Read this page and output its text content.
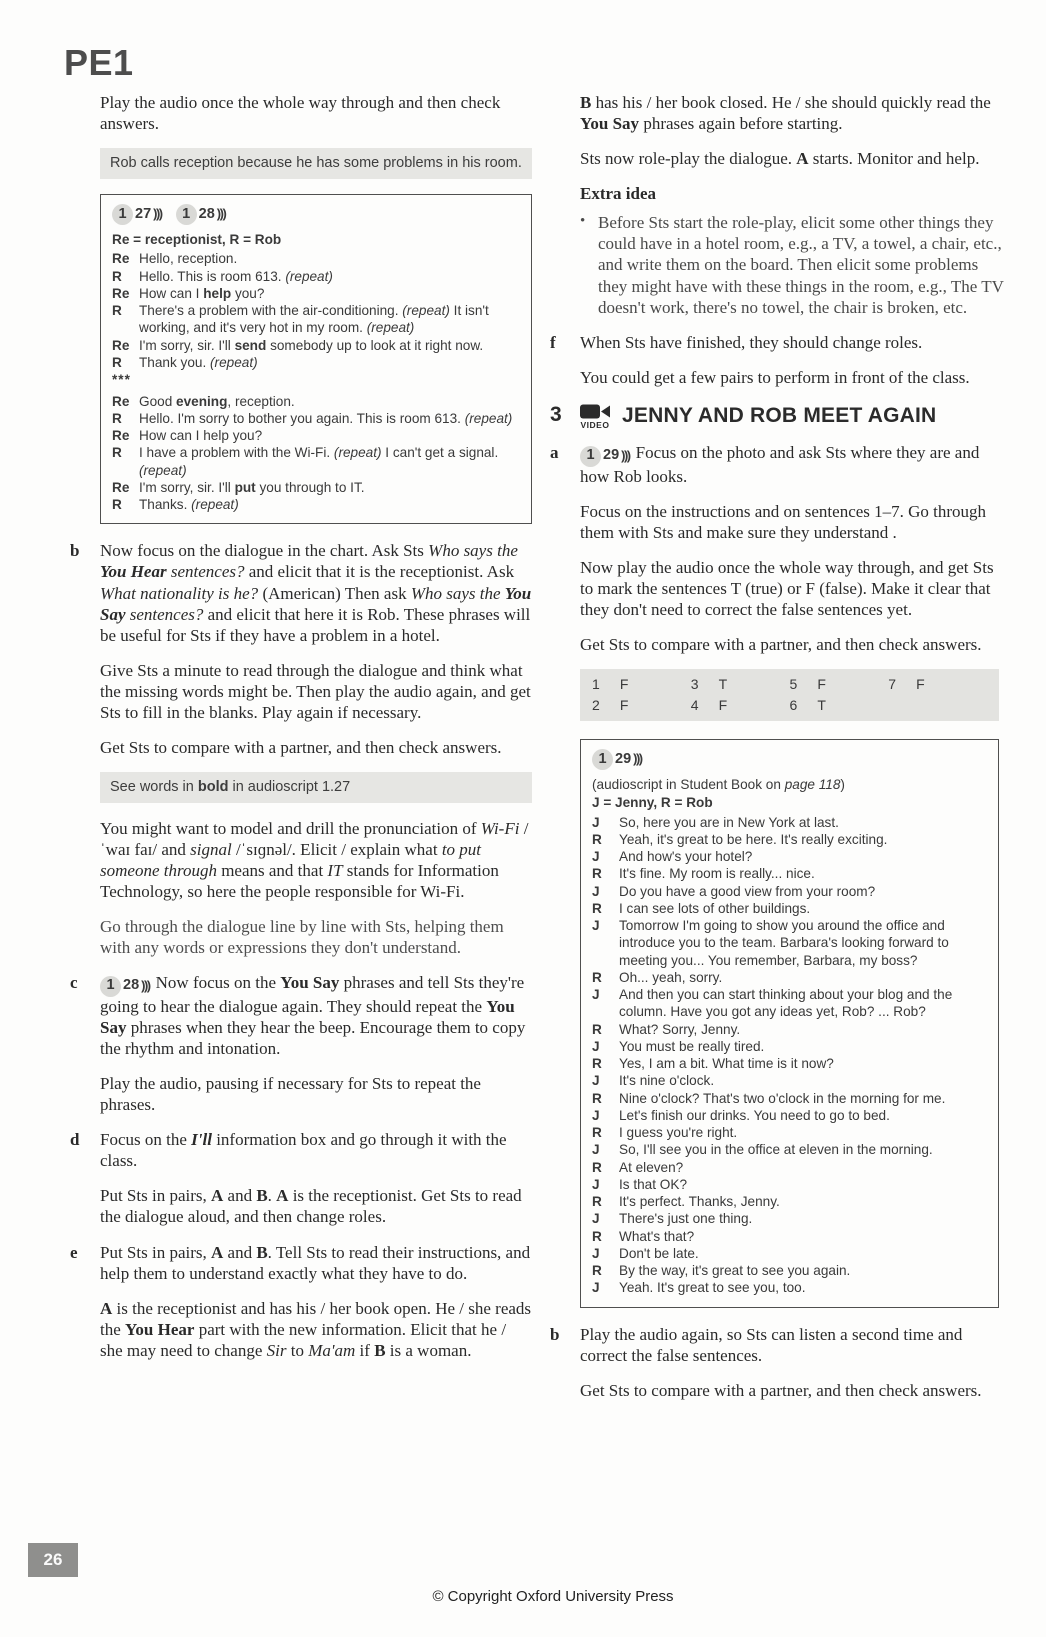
PE1

Play the audio once the whole way through and then check answers.

Rob calls reception because he has some problems in his room.
1 27 )))	1 28 )))
Re = receptionist, R = Rob
Re Hello, reception.
R	Hello. This is room 613. (repeat)
Re How can I help you?
R	There's a problem with the air-conditioning. (repeat) It isn't working, and it's very hot in my room. (repeat)
Re I'm sorry, sir. I'll send somebody up to look at it right now.
R	Thank you. (repeat)
***
Re Good evening, reception.
R	Hello. I'm sorry to bother you again. This is room 613. (repeat)
Re How can I help you?
R	I have a problem with the Wi-Fi. (repeat) I can't get a signal. (repeat)
Re I'm sorry, sir. I'll put you through to IT.
R	Thanks. (repeat)
b Now focus on the dialogue in the chart. Ask Sts Who says the You Hear sentences? and elicit that it is the receptionist. Ask What nationality is he? (American) Then ask Who says the You Say sentences? and elicit that here it is Rob. These phrases will be useful for Sts if they have a problem in a hotel.

Give Sts a minute to read through the dialogue and think what the missing words might be. Then play the audio again, and get Sts to fill in the blanks. Play again if necessary.

Get Sts to compare with a partner, and then check answers.

See words in bold in audioscript 1.27

You might want to model and drill the pronunciation of Wi-Fi /ˈwaɪ faɪ/ and signal /ˈsɪɡnəl/. Elicit / explain what to put someone through means and that IT stands for Information Technology, so here the people responsible for Wi-Fi.

Go through the dialogue line by line with Sts, helping them with any words or expressions they don't understand.

c	1 28 ))) Now focus on the You Say phrases and tell Sts they're going to hear the dialogue again. They should repeat the You Say phrases when they hear the beep. Encourage them to copy the rhythm and intonation.

Play the audio, pausing if necessary for Sts to repeat the phrases.

d Focus on the I'll information box and go through it with the class.

Put Sts in pairs, A and B. A is the receptionist. Get Sts to read the dialogue aloud, and then change roles.

e Put Sts in pairs, A and B. Tell Sts to read their instructions, and help them to understand exactly what they have to do.

A is the receptionist and has his / her book open. He / she reads the You Hear part with the new information. Elicit that he / she may need to change Sir to Ma'am if B is a woman.

B has his / her book closed. He / she should quickly read the You Say phrases again before starting.

Sts now role-play the dialogue. A starts. Monitor and help.

Extra idea
• Before Sts start the role-play, elicit some other things they could have in a hotel room, e.g., a TV, a towel, a chair, etc., and write them on the board. Then elicit some problems they might have with these things in the room, e.g., The TV doesn't work, there's no towel, the chair is broken, etc.
f When Sts have finished, they should change roles.

You could get a few pairs to perform in front of the class.

3	VIDEO JENNY AND ROB MEET AGAIN
a	1 29 ))) Focus on the photo and ask Sts where they are and how Rob looks.

Focus on the instructions and on sentences 1–7. Go through them with Sts and make sure they understand .

Now play the audio once the whole way through, and get Sts to mark the sentences T (true) or F (false). Make it clear that they don't need to correct the false sentences yet.

Get Sts to compare with a partner, and then check answers.

1 F
2 F
3 T
4 F
5 F
6 T
7 F
1 29 )))
(audioscript in Student Book on page 118)
J = Jenny, R = Rob
J	So, here you are in New York at last.
R	Yeah, it's great to be here. It's really exciting.
J	And how's your hotel?
R	It's fine. My room is really... nice.
J	Do you have a good view from your room?
R	I can see lots of other buildings.
J	Tomorrow I'm going to show you around the office and introduce you to the team. Barbara's looking forward to meeting you... You remember, Barbara, my boss?
R	Oh... yeah, sorry.
J	And then you can start thinking about your blog and the column. Have you got any ideas yet, Rob? ... Rob?
R	What? Sorry, Jenny.
J	You must be really tired.
R	Yes, I am a bit. What time is it now?
J	It's nine o'clock.
R	Nine o'clock? That's two o'clock in the morning for me.
J	Let's finish our drinks. You need to go to bed.
R	I guess you're right.
J	So, I'll see you in the office at eleven in the morning.
R	At eleven?
J	Is that OK?
R	It's perfect. Thanks, Jenny.
J	There's just one thing.
R	What's that?
J	Don't be late.
R	By the way, it's great to see you again.
J	Yeah. It's great to see you, too.
b Play the audio again, so Sts can listen a second time and correct the false sentences.

Get Sts to compare with a partner, and then check answers.

26
© Copyright Oxford University Press
